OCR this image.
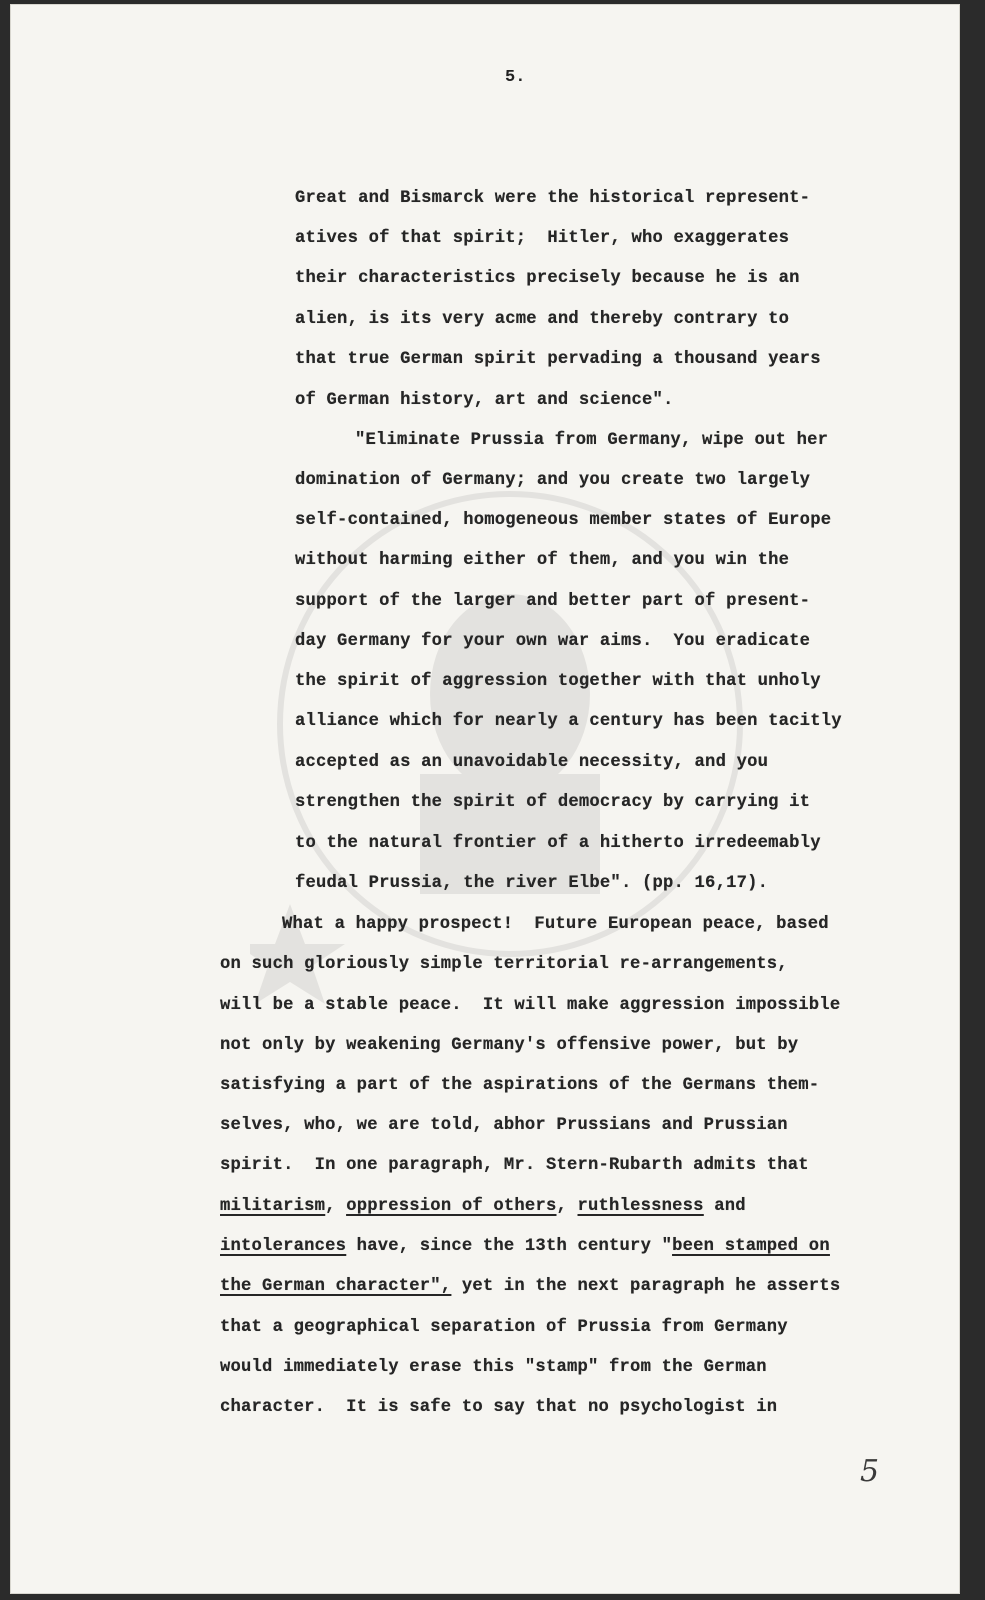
5.
Great and Bismarck were the historical represent-
atives of that spirit;  Hitler, who exaggerates
their characteristics precisely because he is an
alien, is its very acme and thereby contrary to
that true German spirit pervading a thousand years
of German history, art and science".
"Eliminate Prussia from Germany, wipe out her
domination of Germany; and you create two largely
self-contained, homogeneous member states of Europe
without harming either of them, and you win the
support of the larger and better part of present-
day Germany for your own war aims.  You eradicate
the spirit of aggression together with that unholy
alliance which for nearly a century has been tacitly
accepted as an unavoidable necessity, and you
strengthen the spirit of democracy by carrying it
to the natural frontier of a hitherto irredeemably
feudal Prussia, the river Elbe". (pp. 16,17).
What a happy prospect!  Future European peace, based
on such gloriously simple territorial re-arrangements,
will be a stable peace.  It will make aggression impossible
not only by weakening Germany's offensive power, but by
satisfying a part of the aspirations of the Germans them-
selves, who, we are told, abhor Prussians and Prussian
spirit.  In one paragraph, Mr. Stern-Rubarth admits that
militarism, oppression of others, ruthlessness and
intolerances have, since the 13th century "been stamped on
the German character", yet in the next paragraph he asserts
that a geographical separation of Prussia from Germany
would immediately erase this "stamp" from the German
character.  It is safe to say that no psychologist in
5
